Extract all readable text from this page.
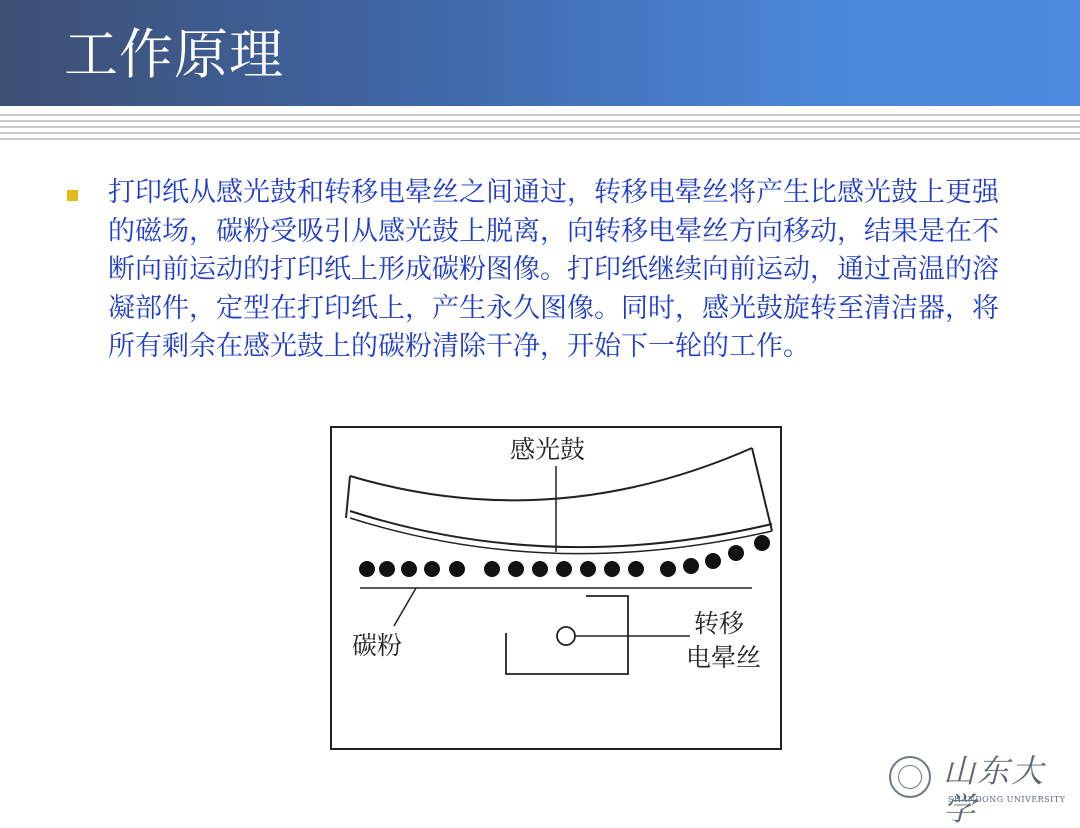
工作原理

打印纸从感光鼓和转移电晕丝之间通过，转移电晕丝将产生比感光鼓上更强的磁场，碳粉受吸引从感光鼓上脱离，向转移电晕丝方向移动，结果是在不断向前运动的打印纸上形成碳粉图像。打印纸继续向前运动，通过高温的溶凝部件，定型在打印纸上，产生永久图像。同时，感光鼓旋转至清洁器，将所有剩余在感光鼓上的碳粉清除干净，开始下一轮的工作。

感光鼓
碳粉
转移
电晕丝
山东大学
SHANDONG UNIVERSITY
